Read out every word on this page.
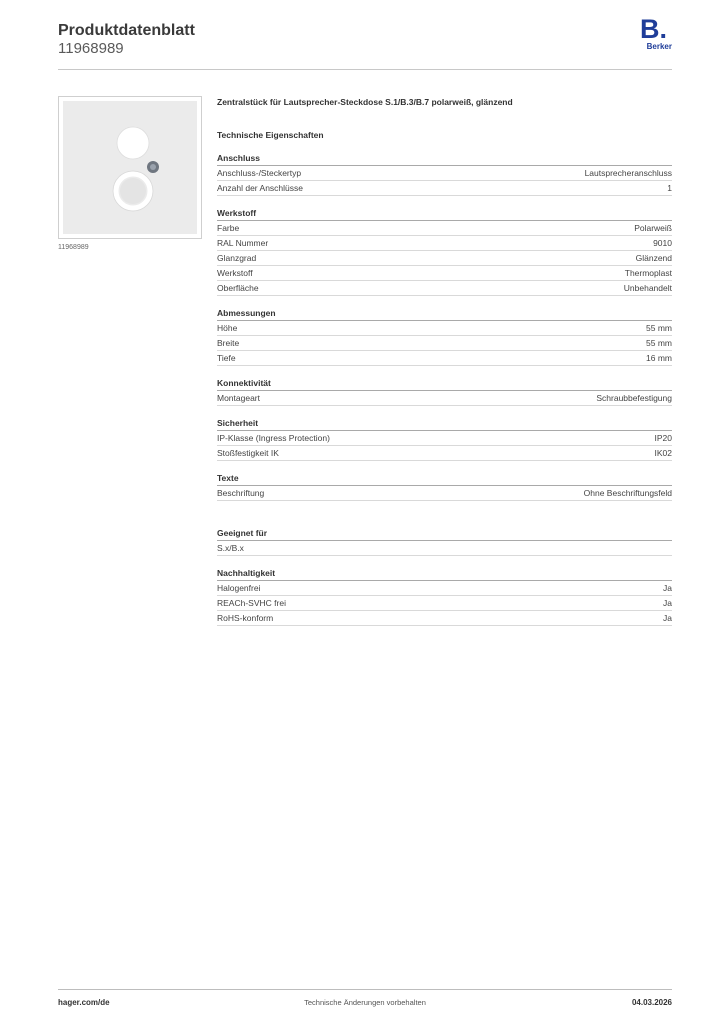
Produktdatenblatt
11968989
B.
Berker
11968989
Zentralstück für Lautsprecher-Steckdose S.1/B.3/B.7 polarweiß, glänzend
Technische Eigenschaften
Anschluss
Anschluss-/Steckertyp	Lautsprecheranschluss
Anzahl der Anschlüsse	1
Werkstoff
Farbe	Polarweiß
RAL Nummer	9010
Glanzgrad	Glänzend
Werkstoff	Thermoplast
Oberfläche	Unbehandelt
Abmessungen
Höhe	55 mm
Breite	55 mm
Tiefe	16 mm
Konnektivität
Montageart	Schraubbefestigung
Sicherheit
IP-Klasse (Ingress Protection)	IP20
Stoßfestigkeit IK	IK02
Texte
Beschriftung	Ohne Beschriftungsfeld
Geeignet für
S.x/B.x
Nachhaltigkeit
Halogenfrei	Ja
REACh-SVHC frei	Ja
RoHS-konform	Ja
hager.com/de	Technische Änderungen vorbehalten	04.03.2026
